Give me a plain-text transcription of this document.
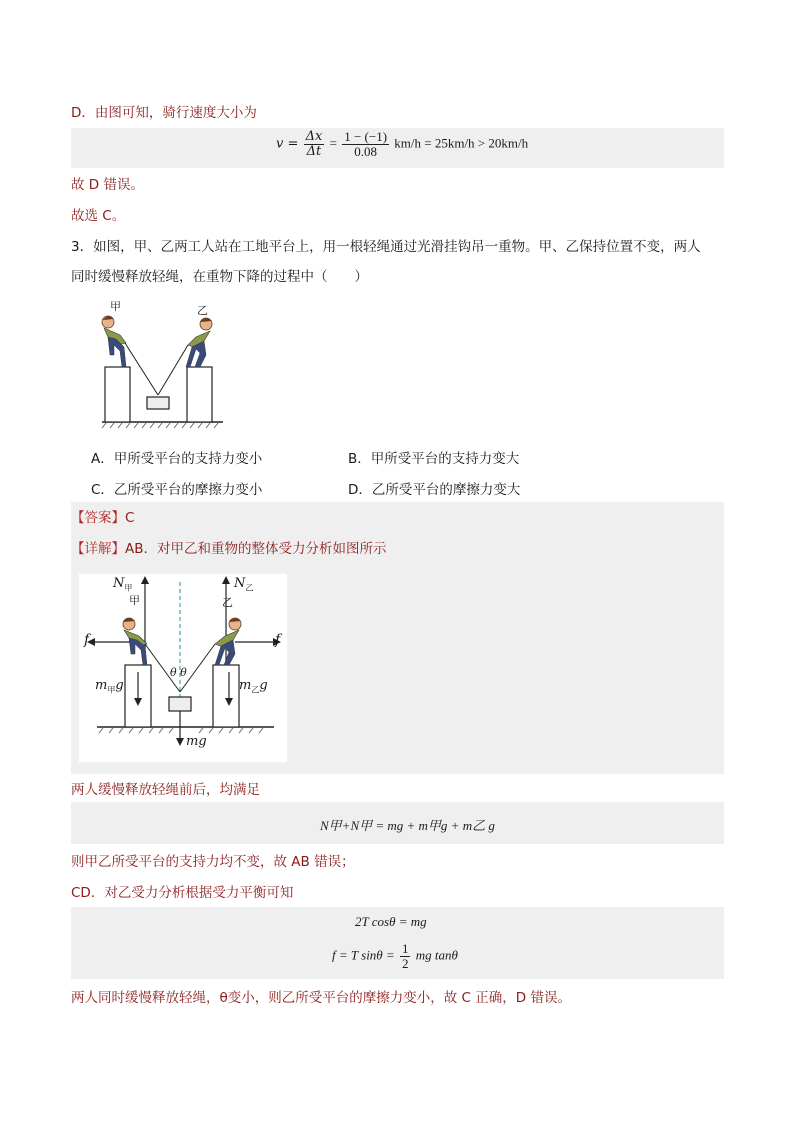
D．由图可知，骑行速度大小为
$v = \frac{\Delta x}{\Delta t} = \frac{1 - (-1)}{0.08} km/h = 25km/h > 20km/h$
故 D 错误。
故选 C。
3．如图，甲、乙两工人站在工地平台上，用一根轻绳通过光滑挂钩吊一重物。甲、乙保持位置不变，两人
同时缓慢释放轻绳，在重物下降的过程中（　　）
甲	乙
A．甲所受平台的支持力变小	B．甲所受平台的支持力变大
C．乙所受平台的摩擦力变小	D．乙所受平台的摩擦力变大
【答案】C
【详解】AB．对甲乙和重物的整体受力分析如图所示
$N_甲$
甲
$N_乙$
乙
f	f
θ θ
$m_甲g$	$m_乙g$
mg
两人缓慢释放轻绳前后，均满足
N甲+N甲 = mg + m甲g + m乙 g
则甲乙所受平台的支持力均不变，故 AB 错误；
CD．对乙受力分析根据受力平衡可知
2T cosθ = mg
f = T $\sin\theta = \frac{1}{2}$ mg tanθ
两人同时缓慢释放轻绳，θ变小，则乙所受平台的摩擦力变小，故 C 正确，D 错误。
